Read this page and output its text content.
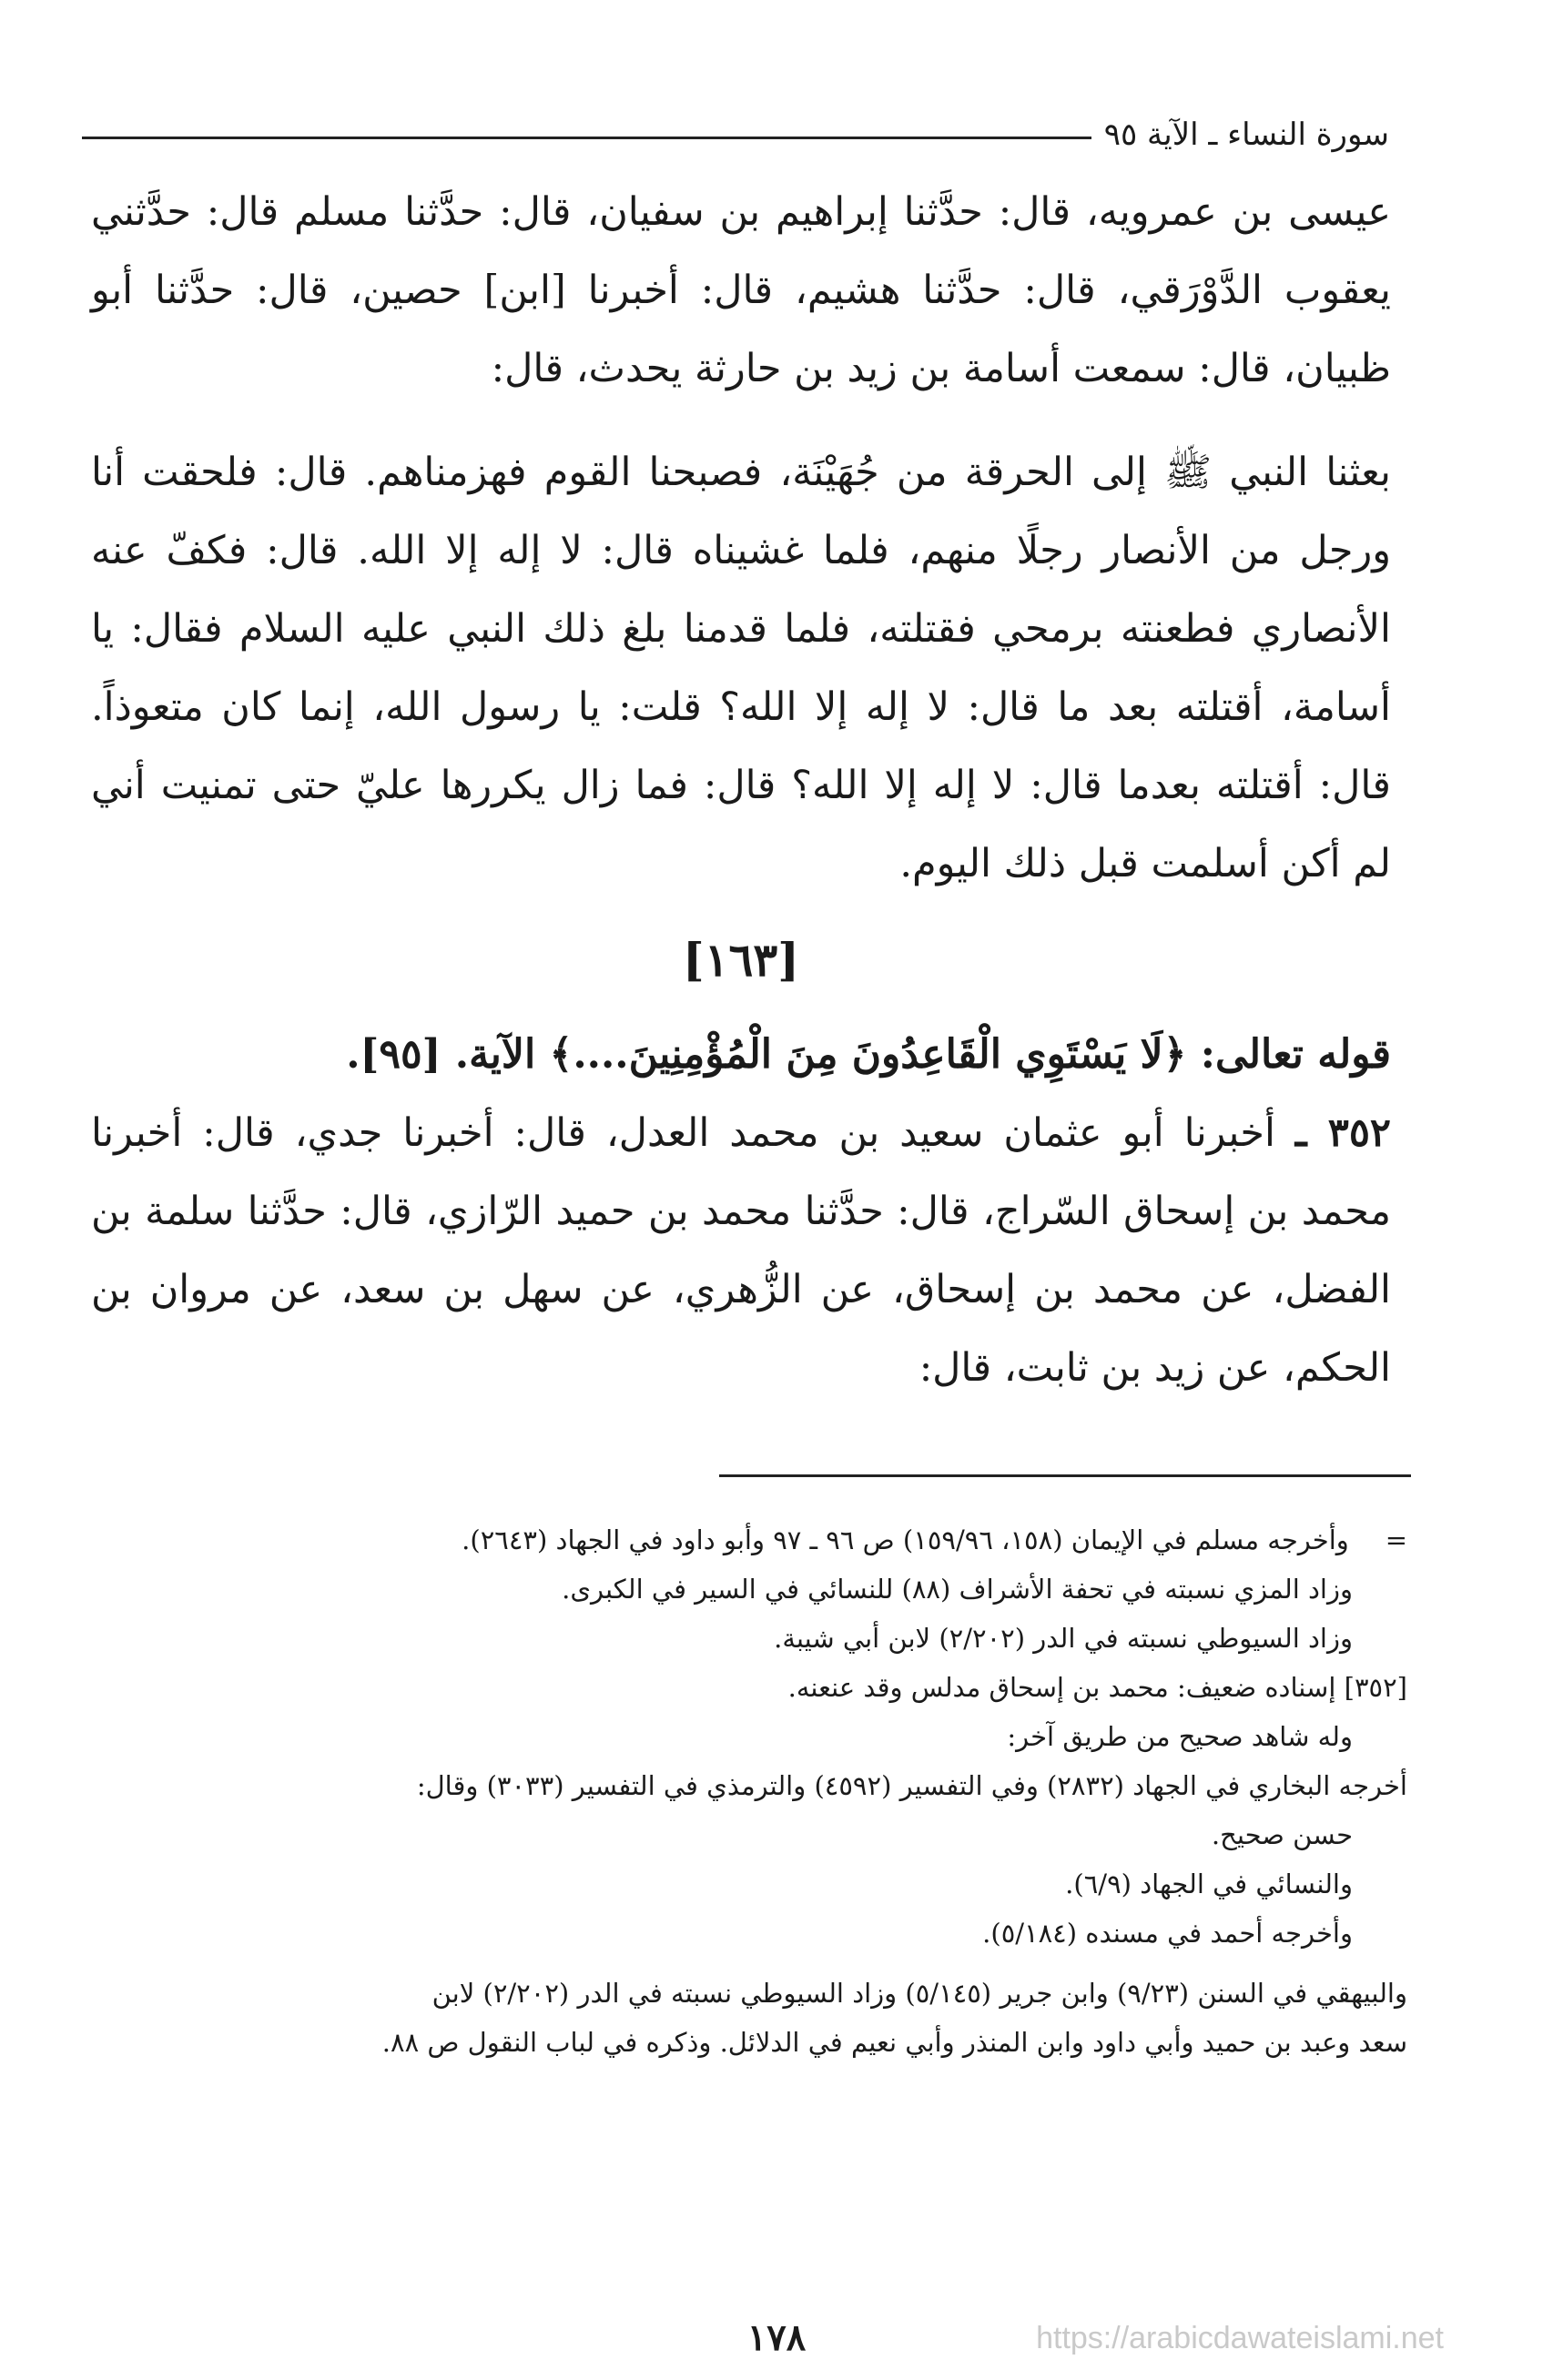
سورة النساء ـ الآية ٩٥

عيسى بن عمرويه، قال: حدَّثنا إبراهيم بن سفيان، قال: حدَّثنا مسلم قال: حدَّثني يعقوب الدَّوْرَقي، قال: حدَّثنا هشيم، قال: أخبرنا [ابن] حصين، قال: حدَّثنا أبو ظبيان، قال: سمعت أسامة بن زيد بن حارثة يحدث، قال:

بعثنا النبي ﷺ إلى الحرقة من جُهَيْنَة، فصبحنا القوم فهزمناهم. قال: فلحقت أنا ورجل من الأنصار رجلًا منهم، فلما غشيناه قال: لا إله إلا الله. قال: فكفّ عنه الأنصاري فطعنته برمحي فقتلته، فلما قدمنا بلغ ذلك النبي عليه السلام فقال: يا أسامة، أقتلته بعد ما قال: لا إله إلا الله؟ قلت: يا رسول الله، إنما كان متعوذاً. قال: أقتلته بعدما قال: لا إله إلا الله؟ قال: فما زال يكررها عليّ حتى تمنيت أني لم أكن أسلمت قبل ذلك اليوم.

[١٦٣]

قوله تعالى: ﴿لَا يَسْتَوِي الْقَاعِدُونَ مِنَ الْمُؤْمِنِينَ....﴾ الآية. [٩٥].

٣٥٢ ـ أخبرنا أبو عثمان سعيد بن محمد العدل، قال: أخبرنا جدي، قال: أخبرنا محمد بن إسحاق السّراج، قال: حدَّثنا محمد بن حميد الرّازي، قال: حدَّثنا سلمة بن الفضل، عن محمد بن إسحاق، عن الزُّهري، عن سهل بن سعد، عن مروان بن الحكم، عن زيد بن ثابت، قال:

= وأخرجه مسلم في الإيمان (١٥٨، ١٥٩/٩٦) ص ٩٦ ـ ٩٧ وأبو داود في الجهاد (٢٦٤٣).

وزاد المزي نسبته في تحفة الأشراف (٨٨) للنسائي في السير في الكبرى.

وزاد السيوطي نسبته في الدر (٢/٢٠٢) لابن أبي شيبة.

[٣٥٢] إسناده ضعيف: محمد بن إسحاق مدلس وقد عنعنه.

وله شاهد صحيح من طريق آخر:

أخرجه البخاري في الجهاد (٢٨٣٢) وفي التفسير (٤٥٩٢) والترمذي في التفسير (٣٠٣٣) وقال:

حسن صحيح.

والنسائي في الجهاد (٦/٩).

وأخرجه أحمد في مسنده (٥/١٨٤).

والبيهقي في السنن (٩/٢٣) وابن جرير (٥/١٤٥) وزاد السيوطي نسبته في الدر (٢/٢٠٢) لابن

سعد وعبد بن حميد وأبي داود وابن المنذر وأبي نعيم في الدلائل. وذكره في لباب النقول ص ٨٨.

١٧٨	https://arabicdawateislami.net
